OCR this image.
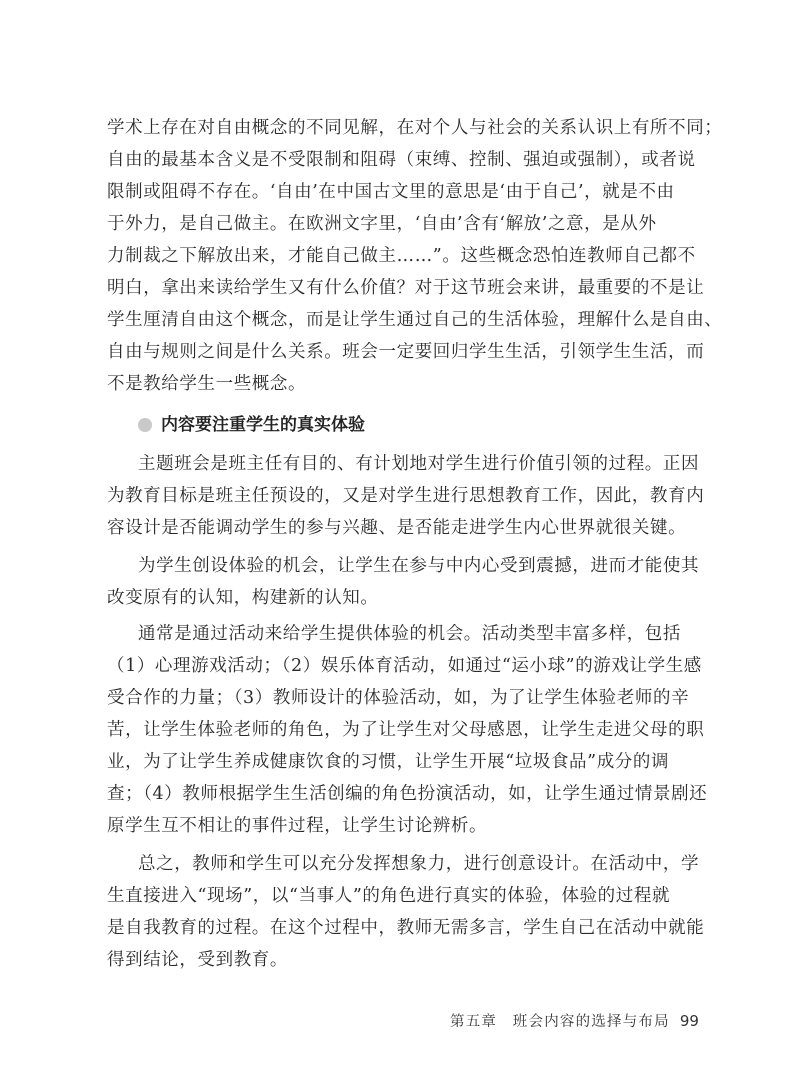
学术上存在对自由概念的不同见解，在对个人与社会的关系认识上有所不同；
自由的最基本含义是不受限制和阻碍（束缚、控制、强迫或强制），或者说
限制或阻碍不存在。‘自由’在中国古文里的意思是‘由于自己’，就是不由
于外力，是自己做主。在欧洲文字里，‘自由’含有‘解放’之意，是从外
力制裁之下解放出来，才能自己做主……”。这些概念恐怕连教师自己都不
明白，拿出来读给学生又有什么价值？对于这节班会来讲，最重要的不是让
学生厘清自由这个概念，而是让学生通过自己的生活体验，理解什么是自由、
自由与规则之间是什么关系。班会一定要回归学生生活，引领学生生活，而
不是教给学生一些概念。
内容要注重学生的真实体验
主题班会是班主任有目的、有计划地对学生进行价值引领的过程。正因
为教育目标是班主任预设的，又是对学生进行思想教育工作，因此，教育内
容设计是否能调动学生的参与兴趣、是否能走进学生内心世界就很关键。
为学生创设体验的机会，让学生在参与中内心受到震撼，进而才能使其
改变原有的认知，构建新的认知。
通常是通过活动来给学生提供体验的机会。活动类型丰富多样，包括
（1）心理游戏活动；（2）娱乐体育活动，如通过“运小球”的游戏让学生感
受合作的力量；（3）教师设计的体验活动，如，为了让学生体验老师的辛
苦，让学生体验老师的角色，为了让学生对父母感恩，让学生走进父母的职
业，为了让学生养成健康饮食的习惯，让学生开展“垃圾食品”成分的调
查；（4）教师根据学生生活创编的角色扮演活动，如，让学生通过情景剧还
原学生互不相让的事件过程，让学生讨论辨析。
总之，教师和学生可以充分发挥想象力，进行创意设计。在活动中，学
生直接进入“现场”，以“当事人”的角色进行真实的体验，体验的过程就
是自我教育的过程。在这个过程中，教师无需多言，学生自己在活动中就能
得到结论，受到教育。
第五章　班会内容的选择与布局 99
